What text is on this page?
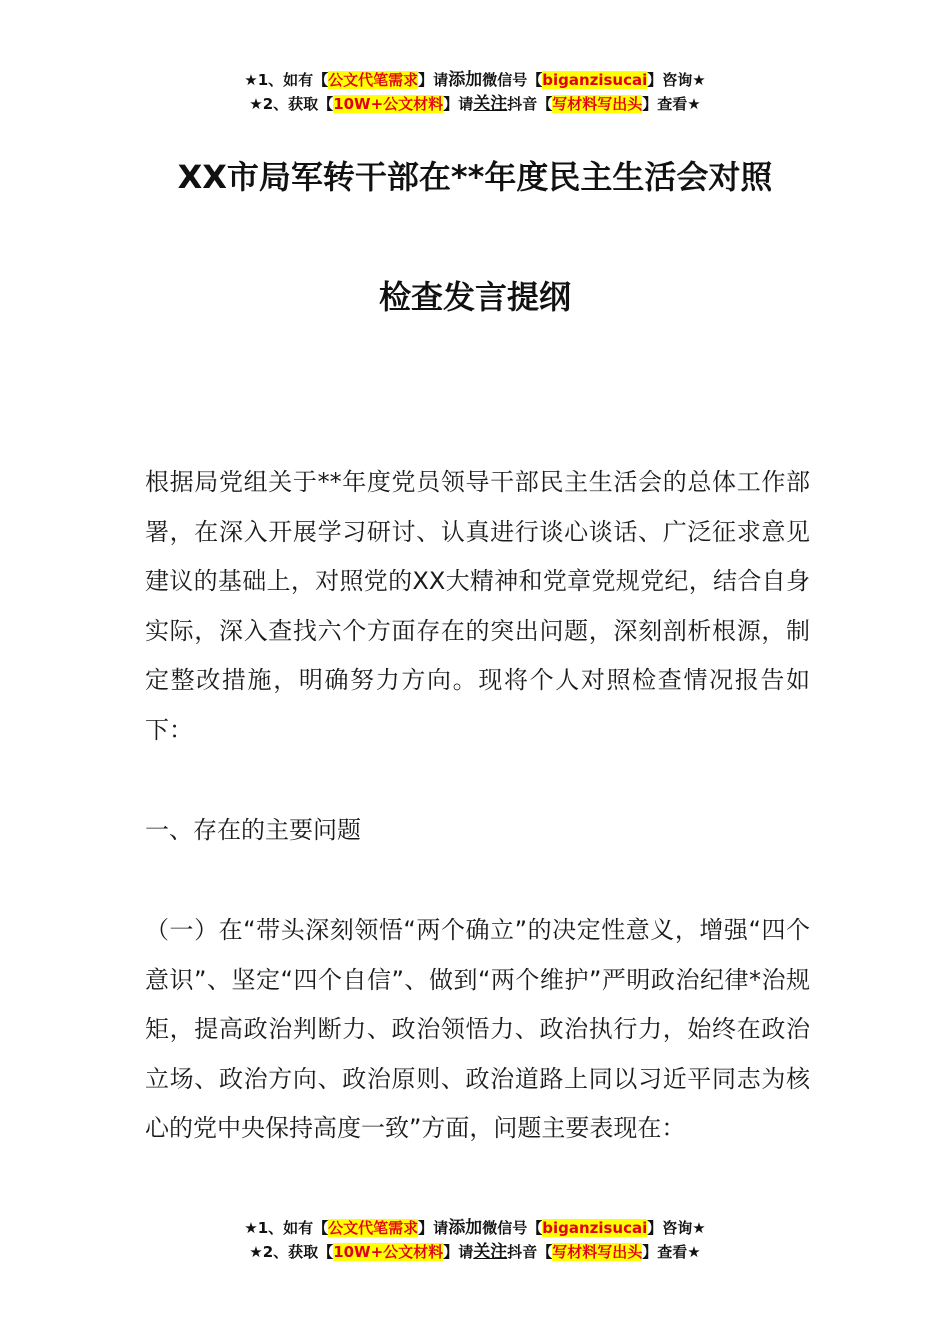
★1、如有【公文代笔需求】请添加微信号【biganzisucai】咨询★
★2、获取【10W+公文材料】请关注抖音【写材料写出头】查看★
XX市局军转干部在**年度民主生活会对照
检查发言提纲
根据局党组关于**年度党员领导干部民主生活会的总体工作部署，在深入开展学习研讨、认真进行谈心谈话、广泛征求意见建议的基础上，对照党的XX大精神和党章党规党纪，结合自身实际，深入查找六个方面存在的突出问题，深刻剖析根源，制定整改措施，明确努力方向。现将个人对照检查情况报告如下：
一、存在的主要问题
（一）在“带头深刻领悟“两个确立”的决定性意义，增强“四个意识”、坚定“四个自信”、做到“两个维护”严明政治纪律*治规矩，提高政治判断力、政治领悟力、政治执行力，始终在政治立场、政治方向、政治原则、政治道路上同以习近平同志为核心的党中央保持高度一致”方面，问题主要表现在：
★1、如有【公文代笔需求】请添加微信号【biganzisucai】咨询★
★2、获取【10W+公文材料】请关注抖音【写材料写出头】查看★
